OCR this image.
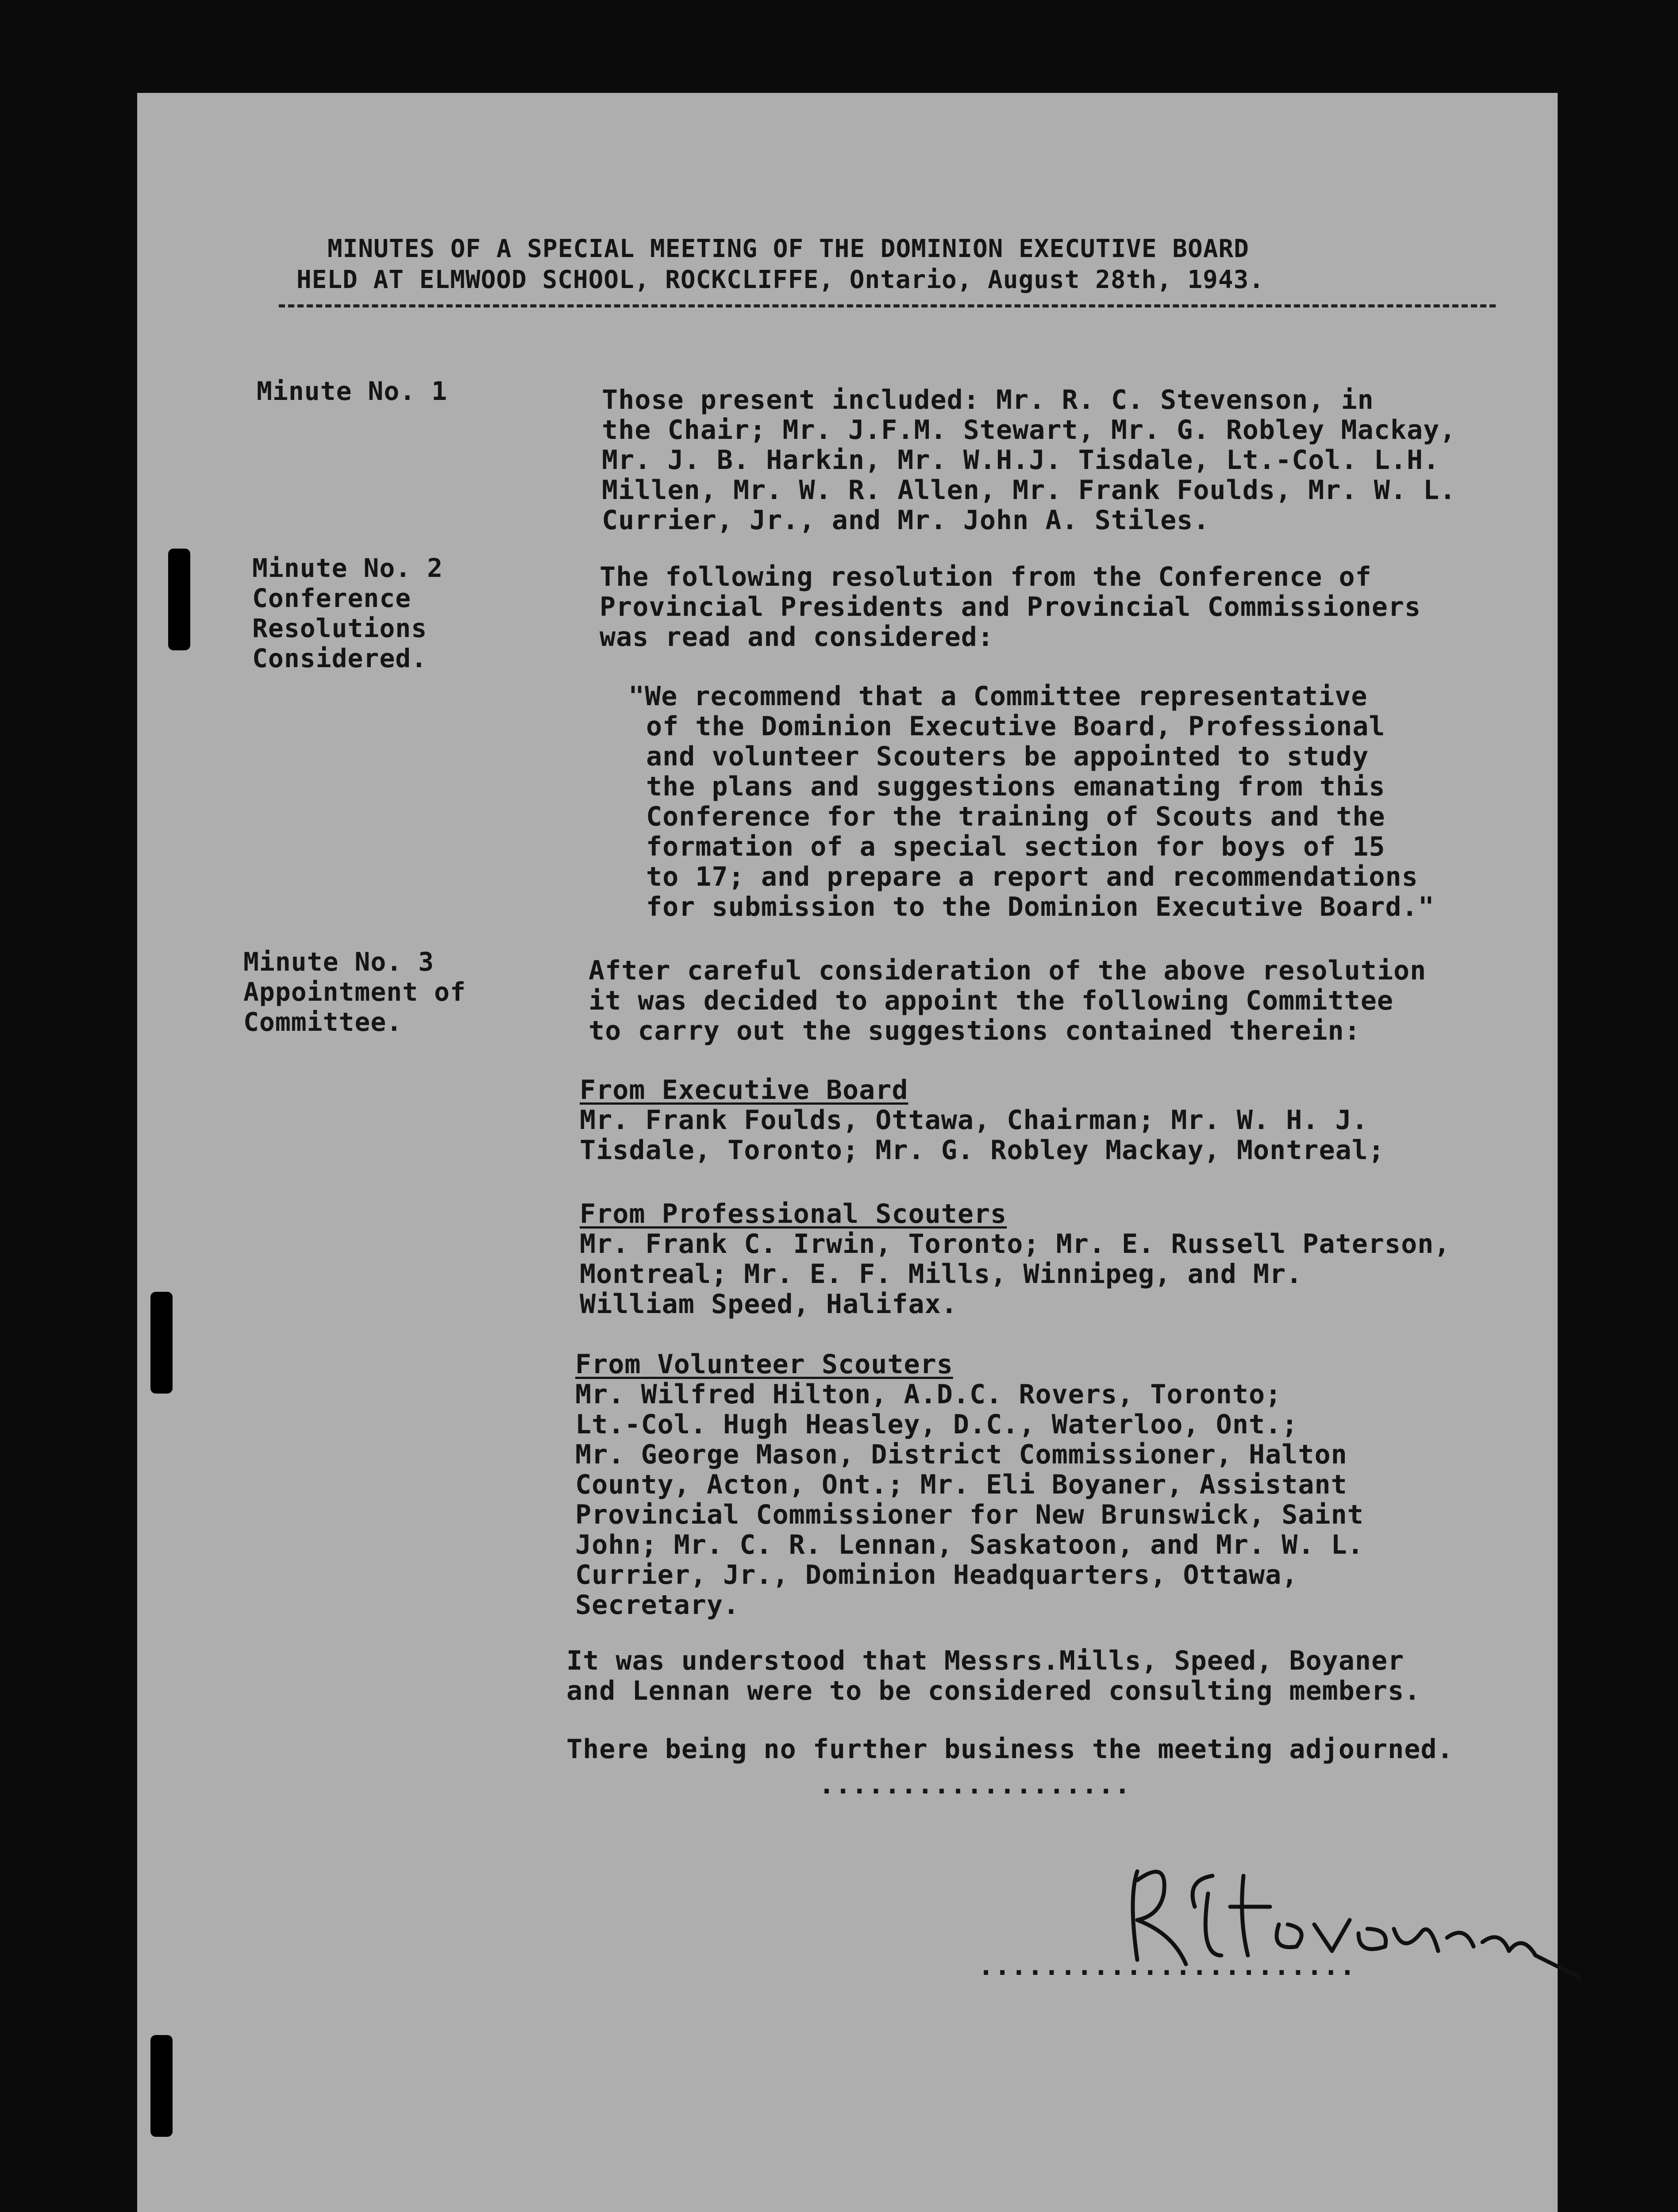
MINUTES OF A SPECIAL MEETING OF THE DOMINION EXECUTIVE BOARD
HELD AT ELMWOOD SCHOOL, ROCKCLIFFE, Ontario, August 28th, 1943.
Minute No. 1	Those present included: Mr. R. C. Stevenson, in
the Chair; Mr. J.F.M. Stewart, Mr. G. Robley Mackay,
Mr. J. B. Harkin, Mr. W.H.J. Tisdale, Lt.-Col. L.H.
Millen, Mr. W. R. Allen, Mr. Frank Foulds, Mr. W. L.
Currier, Jr., and Mr. John A. Stiles.
Minute No. 2
Conference
Resolutions
Considered.
The following resolution from the Conference of
Provincial Presidents and Provincial Commissioners
was read and considered:
"We recommend that a Committee representative
of the Dominion Executive Board, Professional
and volunteer Scouters be appointed to study
the plans and suggestions emanating from this
Conference for the training of Scouts and the
formation of a special section for boys of 15
to 17; and prepare a report and recommendations
for submission to the Dominion Executive Board."
Minute No. 3
Appointment of
Committee.
After careful consideration of the above resolution
it was decided to appoint the following Committee
to carry out the suggestions contained therein:
From Executive Board
Mr. Frank Foulds, Ottawa, Chairman; Mr. W. H. J.
Tisdale, Toronto; Mr. G. Robley Mackay, Montreal;
From Professional Scouters
Mr. Frank C. Irwin, Toronto; Mr. E. Russell Paterson,
Montreal; Mr. E. F. Mills, Winnipeg, and Mr.
William Speed, Halifax.
From Volunteer Scouters
Mr. Wilfred Hilton, A.D.C. Rovers, Toronto;
Lt.-Col. Hugh Heasley, D.C., Waterloo, Ont.;
Mr. George Mason, District Commissioner, Halton
County, Acton, Ont.; Mr. Eli Boyaner, Assistant
Provincial Commissioner for New Brunswick, Saint
John; Mr. C. R. Lennan, Saskatoon, and Mr. W. L.
Currier, Jr., Dominion Headquarters, Ottawa,
Secretary.
It was understood that Messrs.Mills, Speed, Boyaner
and Lennan were to be considered consulting members.
There being no further business the meeting adjourned.
...................
.......................
